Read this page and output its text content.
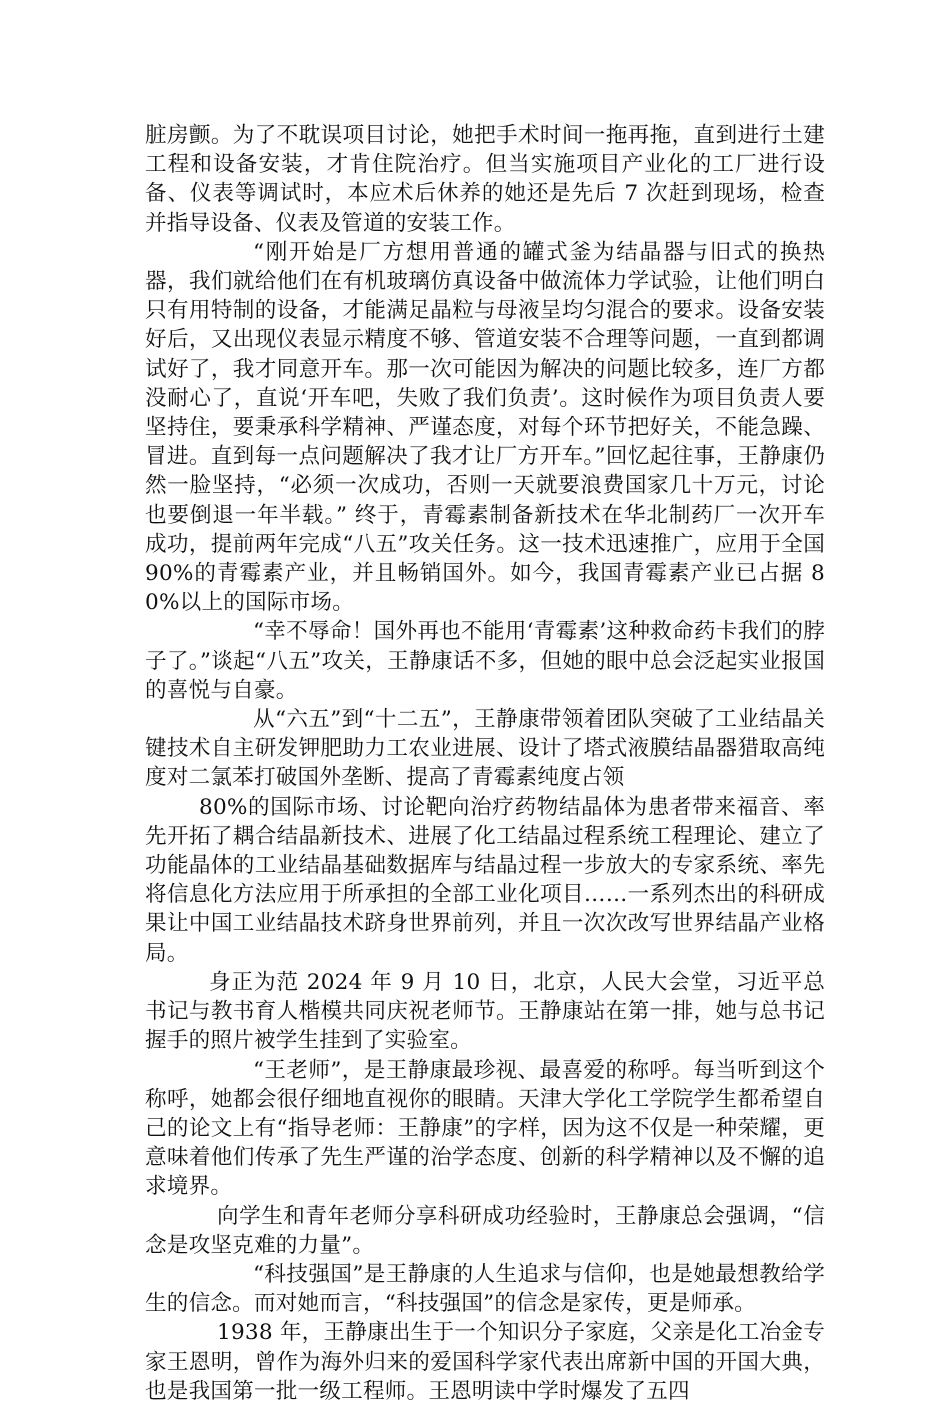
脏房颤。为了不耽误项目讨论，她把手术时间一拖再拖，直到进行土建工程和设备安装，才肯住院治疗。但当实施项目产业化的工厂进行设备、仪表等调试时，本应术后休养的她还是先后 7 次赶到现场，检查并指导设备、仪表及管道的安装工作。

“刚开始是厂方想用普通的罐式釜为结晶器与旧式的换热器，我们就给他们在有机玻璃仿真设备中做流体力学试验，让他们明白只有用特制的设备，才能满足晶粒与母液呈均匀混合的要求。设备安装好后，又出现仪表显示精度不够、管道安装不合理等问题，一直到都调试好了，我才同意开车。那一次可能因为解决的问题比较多，连厂方都没耐心了，直说‘开车吧，失败了我们负责’。这时候作为项目负责人要坚持住，要秉承科学精神、严谨态度，对每个环节把好关，不能急躁、冒进。直到每一点问题解决了我才让厂方开车。”回忆起往事，王静康仍然一脸坚持，“必须一次成功，否则一天就要浪费国家几十万元，讨论也要倒退一年半载。” 终于，青霉素制备新技术在华北制药厂一次开车成功，提前两年完成“八五”攻关任务。这一技术迅速推广，应用于全国 90%的青霉素产业，并且畅销国外。如今，我国青霉素产业已占据 80%以上的国际市场。

“幸不辱命！国外再也不能用‘青霉素’这种救命药卡我们的脖子了。”谈起“八五”攻关，王静康话不多，但她的眼中总会泛起实业报国的喜悦与自豪。

从“六五”到“十二五”，王静康带领着团队突破了工业结晶关键技术自主研发钾肥助力工农业进展、设计了塔式液膜结晶器猎取高纯度对二氯苯打破国外垄断、提高了青霉素纯度占领

80%的国际市场、讨论靶向治疗药物结晶体为患者带来福音、率先开拓了耦合结晶新技术、进展了化工结晶过程系统工程理论、建立了功能晶体的工业结晶基础数据库与结晶过程一步放大的专家系统、率先将信息化方法应用于所承担的全部工业化项目……一系列杰出的科研成果让中国工业结晶技术跻身世界前列，并且一次次改写世界结晶产业格局。

身正为范 2024 年 9 月 10 日，北京，人民大会堂，习近平总书记与教书育人楷模共同庆祝老师节。王静康站在第一排，她与总书记握手的照片被学生挂到了实验室。

“王老师”，是王静康最珍视、最喜爱的称呼。每当听到这个称呼，她都会很仔细地直视你的眼睛。天津大学化工学院学生都希望自己的论文上有“指导老师：王静康”的字样，因为这不仅是一种荣耀，更意味着他们传承了先生严谨的治学态度、创新的科学精神以及不懈的追求境界。

向学生和青年老师分享科研成功经验时，王静康总会强调，“信念是攻坚克难的力量”。

“科技强国”是王静康的人生追求与信仰，也是她最想教给学生的信念。而对她而言，“科技强国”的信念是家传，更是师承。

1938 年，王静康出生于一个知识分子家庭，父亲是化工冶金专家王恩明，曾作为海外归来的爱国科学家代表出席新中国的开国大典，也是我国第一批一级工程师。王恩明读中学时爆发了五四
